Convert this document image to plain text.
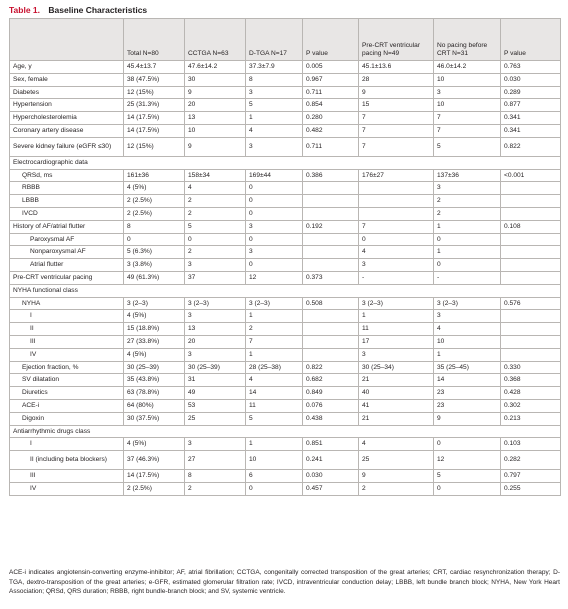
Table 1. Baseline Characteristics
	Total N=80	CCTGA N=63	D-TGA N=17	P value	Pre-CRT ventricular pacing N=49	No pacing before CRT N=31	P value
Age, y	45.4±13.7	47.6±14.2	37.3±7.9	0.005	45.1±13.6	46.0±14.2	0.763
Sex, female	38 (47.5%)	30	8	0.967	28	10	0.030
Diabetes	12 (15%)	9	3	0.711	9	3	0.289
Hypertension	25 (31.3%)	20	5	0.854	15	10	0.877
Hypercholesterolemia	14 (17.5%)	13	1	0.280	7	7	0.341
Coronary artery disease	14 (17.5%)	10	4	0.482	7	7	0.341
Severe kidney failure (eGFR ≤30)	12 (15%)	9	3	0.711	7	5	0.822
Electrocardiographic data							
QRSd, ms	161±36	158±34	169±44	0.386	176±27	137±36	<0.001
RBBB	4 (5%)	4	0			3	
LBBB	2 (2.5%)	2	0			2	
IVCD	2 (2.5%)	2	0			2	
History of AF/atrial flutter	8	5	3	0.192	7	1	0.108
Paroxysmal AF	0	0	0		0	0	
Nonparoxysmal AF	5 (6.3%)	2	3		4	1	
Atrial flutter	3 (3.8%)	3	0		3	0	
Pre-CRT ventricular pacing	49 (61.3%)	37	12	0.373	-	-	
NYHA functional class							
NYHA	3 (2–3)	3 (2–3)	3 (2–3)	0.508	3 (2–3)	3 (2–3)	0.576
I	4 (5%)	3	1		1	3	
II	15 (18.8%)	13	2		11	4	
III	27 (33.8%)	20	7		17	10	
IV	4 (5%)	3	1		3	1	
Ejection fraction, %	30 (25–39)	30 (25–39)	28 (25–38)	0.822	30 (25–34)	35 (25–45)	0.330
SV dilatation	35 (43.8%)	31	4	0.682	21	14	0.368
Diuretics	63 (78.8%)	49	14	0.849	40	23	0.428
ACE-i	64 (80%)	53	11	0.076	41	23	0.302
Digoxin	30 (37.5%)	25	5	0.438	21	9	0.213
Antiarrhythmic drugs class							
I	4 (5%)	3	1	0.851	4	0	0.103
II (including beta blockers)	37 (46.3%)	27	10	0.241	25	12	0.282
III	14 (17.5%)	8	6	0.030	9	5	0.797
IV	2 (2.5%)	2	0	0.457	2	0	0.255
ACE-i indicates angiotensin-converting enzyme-inhibitor; AF, atrial fibrillation; CCTGA, congenitally corrected transposition of the great arteries; CRT, cardiac resynchronization therapy; D-TGA, dextro-transposition of the great arteries; e-GFR, estimated glomerular filtration rate; IVCD, intraventricular conduction delay; LBBB, left bundle branch block; NYHA, New York Heart Association; QRSd, QRS duration; RBBB, right bundle-branch block; and SV, systemic ventricle.
